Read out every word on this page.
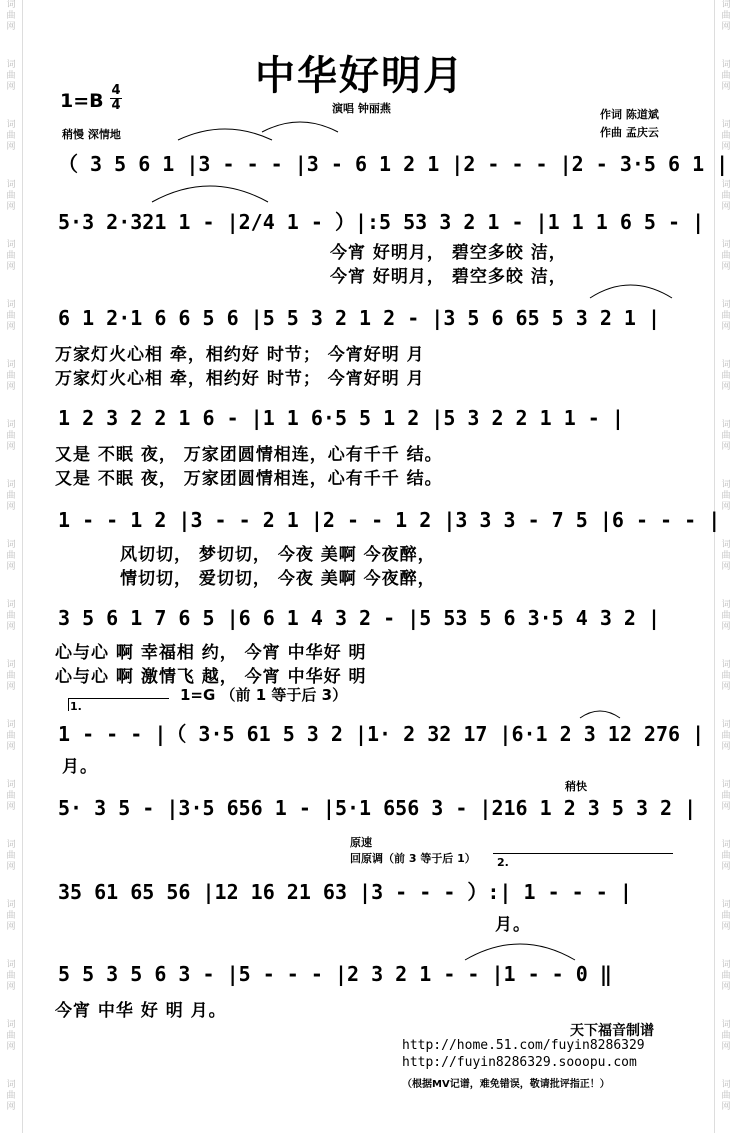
词
曲
网
词
曲
网
词
曲
网
词
曲
网
词
曲
网
词
曲
网
词
曲
网
词
曲
网
词
曲
网
词
曲
网
词
曲
网
词
曲
网
词
曲
网
词
曲
网
词
曲
网
词
曲
网
词
曲
网
词
曲
网
词
曲
网
词
曲
网
词
曲
网
词
曲
网
词
曲
网
词
曲
网
词
曲
网
词
曲
网
词
曲
网
词
曲
网
词
曲
网
词
曲
网
词
曲
网
词
曲
网
词
曲
网
词
曲
网
词
曲
网
词
曲
网
词
曲
网
词
曲
网
中华好明月
演唱 钟丽燕	作词 陈道斌
作曲 孟庆云
$1=B \frac{4}{4}$
稍慢 深情地
（ 3 5 6 1 |3 - - - |3 - 6 1 2 1 |2 - - - |2 - 3·5 6 1 |
5·3 2·321 1 - |2/4 1 - ）|:5 53 3 2 1 - |1 1 1 6 5 - |
今宵 好明月， 碧空多皎 洁，
今宵 好明月， 碧空多皎 洁，
6 1 2·1 6 6 5 6 |5 5 3 2 1 2 - |3 5 6 65 5 3 2 1 |
万家灯火心相 牵，相约好 时节； 今宵好明 月
万家灯火心相 牵，相约好 时节； 今宵好明 月
1 2 3 2 2 1 6 - |1 1 6·5 5 1 2 |5 3 2 2 1 1 - |
又是 不眠 夜， 万家团圆情相连，心有千千 结。
又是 不眠 夜， 万家团圆情相连，心有千千 结。
1 - - 1 2 |3 - - 2 1 |2 - - 1 2 |3 3 3 - 7 5 |6 - - - |
风切切， 梦切切， 今夜 美啊 今夜醉，
情切切， 爱切切， 今夜 美啊 今夜醉，
3 5 6 1 7 6 5 |6 6 1 4 3 2 - |5 53 5 6 3·5 4 3 2 |
心与心 啊 幸福相 约， 今宵 中华好 明
心与心 啊 激情飞 越， 今宵 中华好 明
1.
1=G （前 1 等于后 3）
1 - - - |（ 3·5 61 5 3 2 |1· 2 32 17 |6·1 2 3 12 276 |
月。
稍快
5· 3 5 - |3·5 656 1 - |5·1 656 3 - |216 1 2 3 5 3 2 |
原速
回原调（前 3 等于后 1） 2.
35 61 65 56 |12 16 21 63 |3 - - - ）:| 1 - - - |
月。
5 5 3 5 6 3 - |5 - - - |2 3 2 1 - - |1 - - 0 ‖
今宵 中华 好 明 月。
天下福音制谱
http://home.51.com/fuyin8286329
http://fuyin8286329.sooopu.com
（根据MV记谱，难免错误，敬请批评指正！）
